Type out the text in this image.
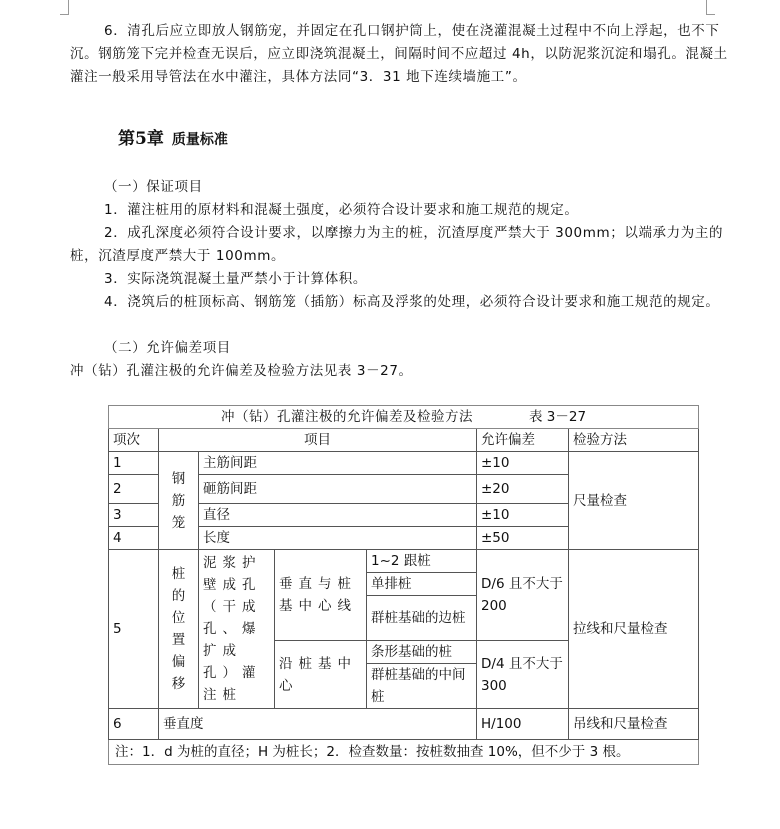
6．清孔后应立即放人钢筋宠，并固定在孔口钢护筒上，使在浇灌混凝土过程中不向上浮起，也不下沉。钢筋笼下完并检查无误后，应立即浇筑混凝土，间隔时间不应超过 4h，以防泥浆沉淀和塌孔。混凝土灌注一般采用导管法在水中灌注，具体方法同“3．31 地下连续墙施工”。
第5章 质量标准
（一）保证项目
1．灌注桩用的原材料和混凝土强度，必须符合设计要求和施工规范的规定。
2．成孔深度必须符合设计要求，以摩擦力为主的桩，沉渣厚度严禁大于 300mm；以端承力为主的桩，沉渣厚度严禁大于 100mm。
3．实际浇筑混凝土量严禁小于计算体积。
4．浇筑后的桩顶标高、钢筋笼（插筋）标高及浮浆的处理，必须符合设计要求和施工规范的规定。
（二）允许偏差项目
冲（钻）孔灌注极的允许偏差及检验方法见表 3－27。
冲（钻）孔灌注极的允许偏差及检验方法 表 3－27						
项次	项目				允许偏差	检验方法
1	钢筋笼	主筋间距			±10	尺量检查
2		砸筋间距			±20	
3		直径			±10	
4		长度			±50	
5	桩的位置偏移	泥浆护壁成孔（干成孔、爆扩成孔）灌注桩	垂直与桩基中心线	1~2 跟桩	D/6 且不大于 200	拉线和尺量检查
				单排桩		
				群桩基础的边桩		
			沿桩基中心	条形基础的桩	D/4 且不大于 300	
				群桩基础的中间桩		
6	垂直度				H/100	吊线和尺量检查
注：1．d 为桩的直径；H 为桩长；2．检查数量：按桩数抽查 10%，但不少于 3 根。						
